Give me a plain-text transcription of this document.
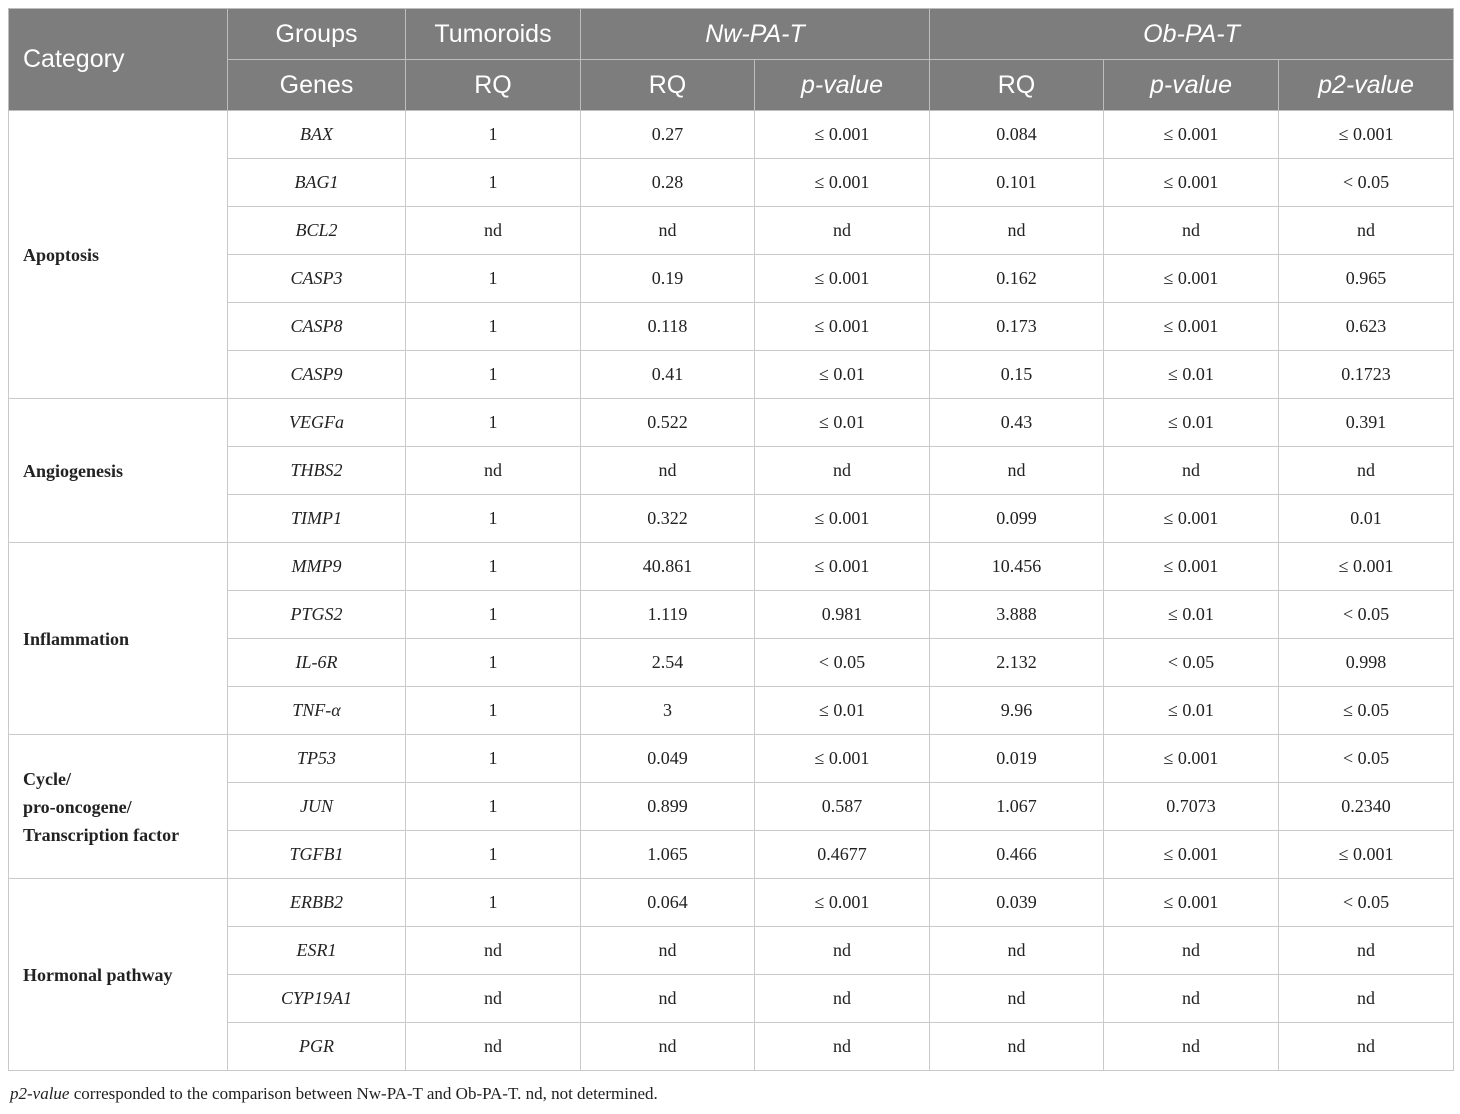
Category	Groups	Tumoroids	Nw-PA-T		Ob-PA-T		
	Genes	RQ	RQ	p-value	RQ	p-value	p2-value

Apoptosis	BAX	1	0.27	≤ 0.001	0.084	≤ 0.001	≤ 0.001
	BAG1	1	0.28	≤ 0.001	0.101	≤ 0.001	< 0.05
	BCL2	nd	nd	nd	nd	nd	nd
	CASP3	1	0.19	≤ 0.001	0.162	≤ 0.001	0.965
	CASP8	1	0.118	≤ 0.001	0.173	≤ 0.001	0.623
	CASP9	1	0.41	≤ 0.01	0.15	≤ 0.01	0.1723

Angiogenesis	VEGFa	1	0.522	≤ 0.01	0.43	≤ 0.01	0.391
	THBS2	nd	nd	nd	nd	nd	nd
	TIMP1	1	0.322	≤ 0.001	0.099	≤ 0.001	0.01

Inflammation	MMP9	1	40.861	≤ 0.001	10.456	≤ 0.001	≤ 0.001
	PTGS2	1	1.119	0.981	3.888	≤ 0.01	< 0.05
	IL-6R	1	2.54	< 0.05	2.132	< 0.05	0.998
	TNF-α	1	3	≤ 0.01	9.96	≤ 0.01	≤ 0.05

Cycle/
pro-oncogene/
Transcription factor	TP53	1	0.049	≤ 0.001	0.019	≤ 0.001	< 0.05
	JUN	1	0.899	0.587	1.067	0.7073	0.2340
	TGFB1	1	1.065	0.4677	0.466	≤ 0.001	≤ 0.001

Hormonal pathway	ERBB2	1	0.064	≤ 0.001	0.039	≤ 0.001	< 0.05
	ESR1	nd	nd	nd	nd	nd	nd
	CYP19A1	nd	nd	nd	nd	nd	nd
	PGR	nd	nd	nd	nd	nd	nd
p2-value corresponded to the comparison between Nw-PA-T and Ob-PA-T. nd, not determined.
